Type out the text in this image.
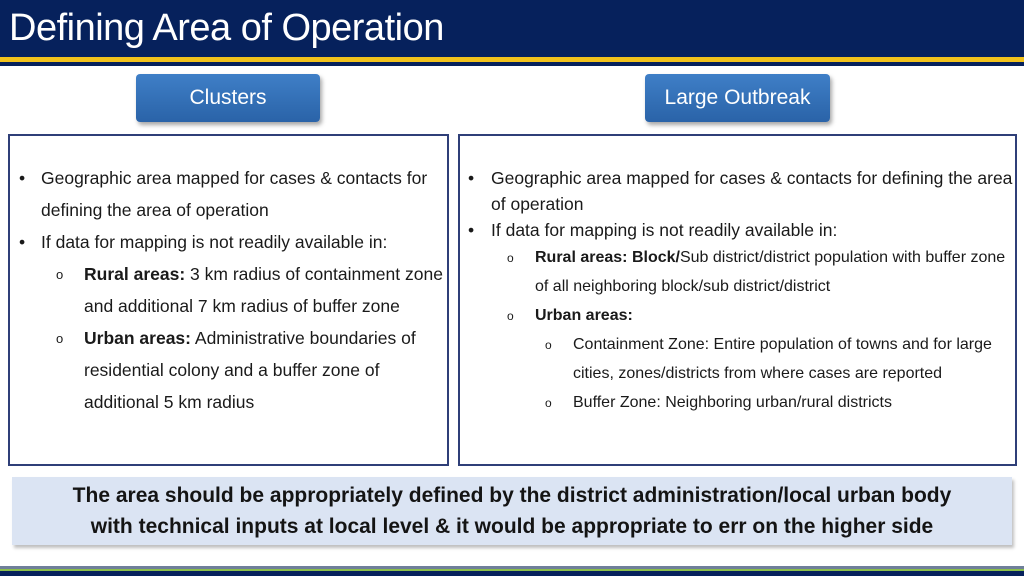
Defining Area of Operation
Clusters	Large Outbreak
• Geographic area mapped for cases & contacts for defining the area of operation
• If data for mapping is not readily available in:
o Rural areas: 3 km radius of containment zone and additional 7 km radius of buffer zone
o Urban areas: Administrative boundaries of residential colony and a buffer zone of additional 5 km radius
• Geographic area mapped for cases & contacts for defining the area of operation
• If data for mapping is not readily available in:
o Rural areas: Block/Sub district/district population with buffer zone of all neighboring block/sub district/district
o Urban areas:
o Containment Zone: Entire population of towns and for large cities, zones/districts from where cases are reported
o Buffer Zone: Neighboring urban/rural districts
The area should be appropriately defined by the district administration/local urban body
with technical inputs at local level & it would be appropriate to err on the higher side
